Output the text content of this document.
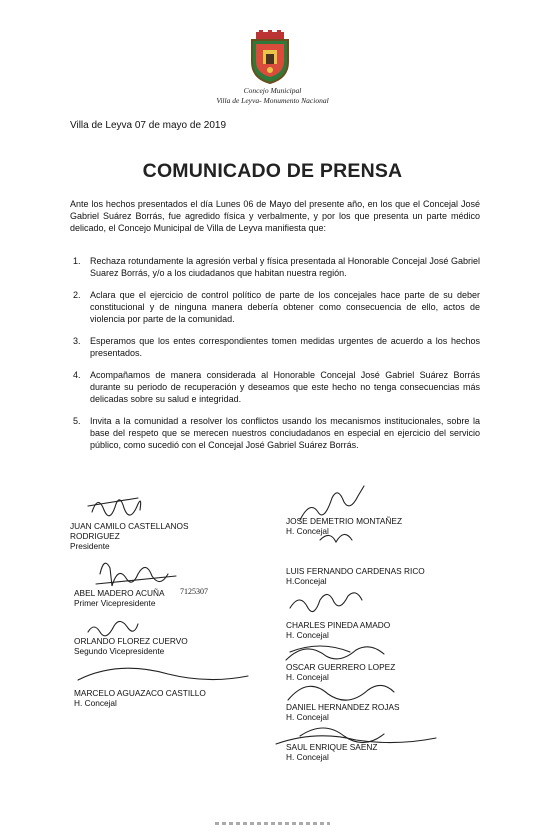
Concejo Municipal
Villa de Leyva- Monumento Nacional
Villa de Leyva 07 de mayo de 2019
COMUNICADO DE PRENSA
Ante los hechos presentados el día Lunes 06 de Mayo del presente año, en los que el Concejal José Gabriel Suárez Borrás, fue agredido física y verbalmente, y por los que presenta un parte médico delicado, el Concejo Municipal de Villa de Leyva manifiesta que:
1. Rechaza rotundamente la agresión verbal y física presentada al Honorable Concejal José Gabriel Suarez Borrás, y/o a los ciudadanos que habitan nuestra región.
2. Aclara que el ejercicio de control político de parte de los concejales hace parte de su deber constitucional y de ninguna manera debería obtener como consecuencia de ello, actos de violencia por parte de la comunidad.
3. Esperamos que los entes correspondientes tomen medidas urgentes de acuerdo a los hechos presentados.
4. Acompañamos de manera considerada al Honorable Concejal José Gabriel Suárez Borrás durante su periodo de recuperación y deseamos que este hecho no tenga consecuencias más delicadas sobre su salud e integridad.
5. Invita a la comunidad a resolver los conflictos usando los mecanismos institucionales, sobre la base del respeto que se merecen nuestros conciudadanos en especial en ejercicio del servicio público, como sucedió con el Concejal José Gabriel Suárez Borrás.
7125307
JUAN CAMILO CASTELLANOS
RODRIGUEZ
Presidente
ABEL MADERO ACUÑA
Primer Vicepresidente
ORLANDO FLOREZ CUERVO
Segundo Vicepresidente
MARCELO AGUAZACO CASTILLO
H. Concejal
JOSE DEMETRIO MONTAÑEZ
H. Concejal
LUIS FERNANDO CARDENAS RICO
H.Concejal
CHARLES PINEDA AMADO
H. Concejal
OSCAR GUERRERO LOPEZ
H. Concejal
DANIEL HERNANDEZ ROJAS
H. Concejal
SAUL ENRIQUE SAENZ
H. Concejal
